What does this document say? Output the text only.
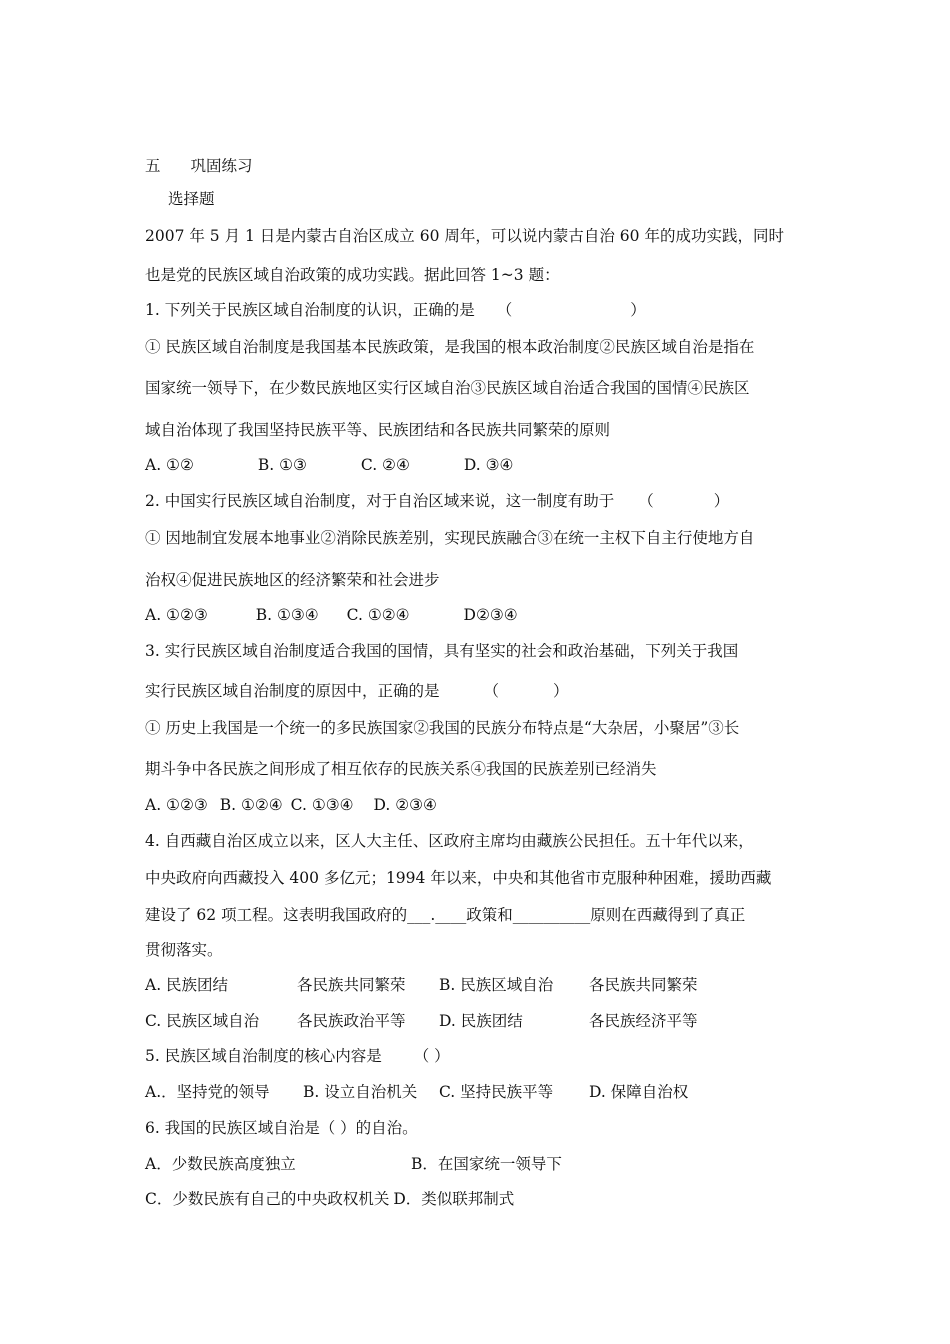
五 巩固练习
选择题
2007 年 5 月 1 日是内蒙古自治区成立 60 周年，可以说内蒙古自治 60 年的成功实践，同时
也是党的民族区域自治政策的成功实践。据此回答 1~3 题：
1. 下列关于民族区域自治制度的认识，正确的是 （	）
① 民族区域自治制度是我国基本民族政策，是我国的根本政治制度②民族区域自治是指在
国家统一领导下，在少数民族地区实行区域自治③民族区域自治适合我国的国情④民族区
域自治体现了我国坚持民族平等、民族团结和各民族共同繁荣的原则
A. ①②	B. ①③	C. ②④	D. ③④
2. 中国实行民族区域自治制度，对于自治区域来说，这一制度有助于 （	）
① 因地制宜发展本地事业②消除民族差别，实现民族融合③在统一主权下自主行使地方自
治权④促进民族地区的经济繁荣和社会进步
A. ①②③	B. ①③④ C. ①②④	D②③④
3. 实行民族区域自治制度适合我国的国情，具有坚实的社会和政治基础，下列关于我国
实行民族区域自治制度的原因中，正确的是	（	）
① 历史上我国是一个统一的多民族国家②我国的民族分布特点是“大杂居，小聚居”③长
期斗争中各民族之间形成了相互依存的民族关系④我国的民族差别已经消失
A. ①②③ B. ①②④ C. ①③④ D. ②③④
4. 自西藏自治区成立以来，区人大主任、区政府主席均由藏族公民担任。五十年代以来，
中央政府向西藏投入 400 多亿元；1994 年以来，中央和其他省市克服种种困难，援助西藏
建设了 62 项工程。这表明我国政府的___.____政策和__________原则在西藏得到了真正
贯彻落实。
A. 民族团结	各民族共同繁荣 B. 民族区域自治 各民族共同繁荣
C. 民族区域自治 各民族政治平等 D. 民族团结	各民族经济平等
5. 民族区域自治制度的核心内容是 （ ）
A.．坚持党的领导 B. 设立自治机关 C. 坚持民族平等 D. 保障自治权
6. 我国的民族区域自治是（ ）的自治。
A．少数民族高度独立	B．在国家统一领导下
C．少数民族有自己的中央政权机关 D．类似联邦制式
